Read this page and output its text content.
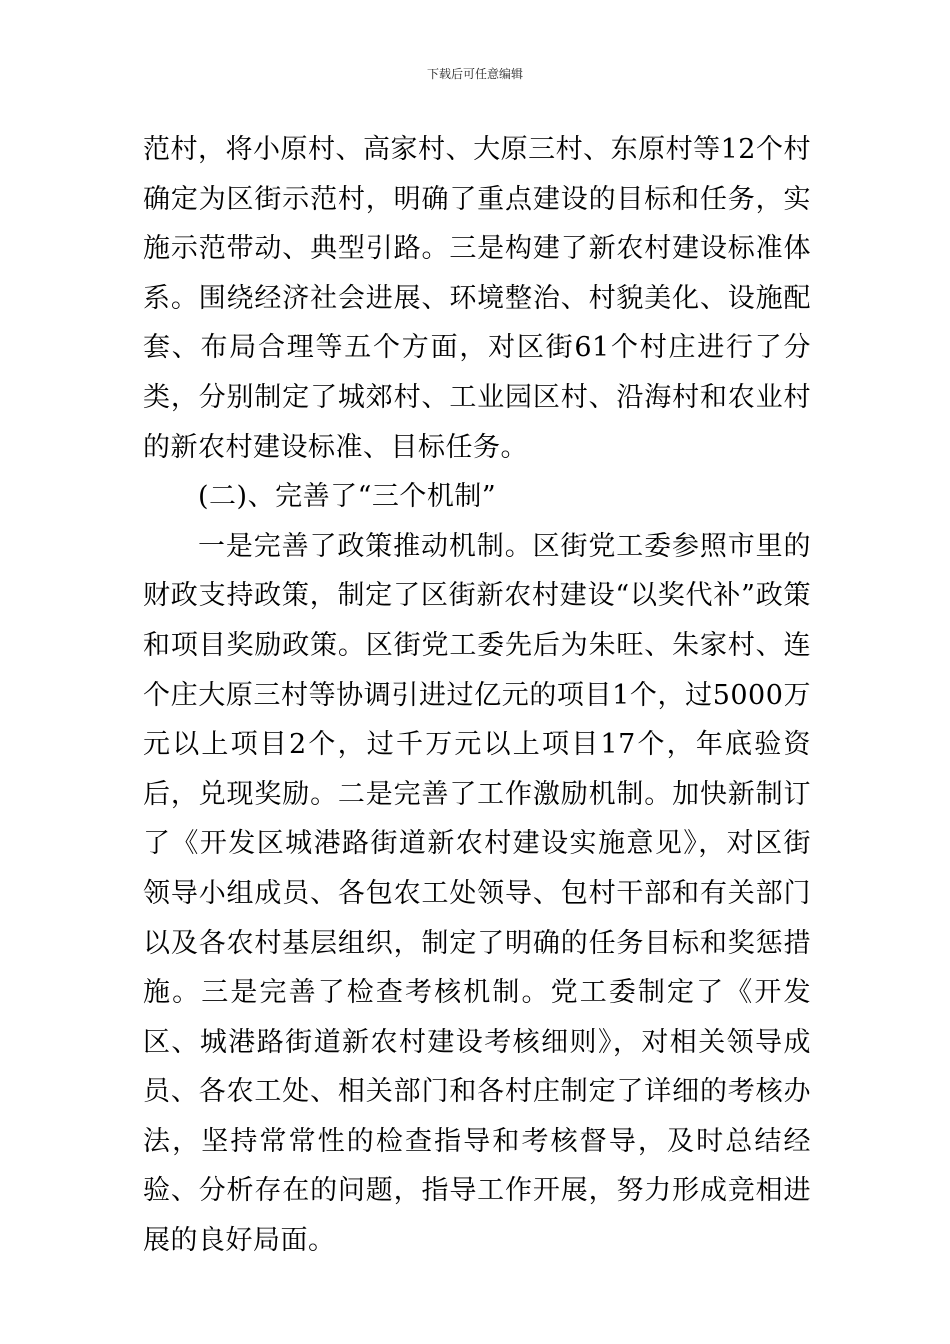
下载后可任意编辑

范村，将小原村、高家村、大原三村、东原村等12个村确定为区街示范村，明确了重点建设的目标和任务，实施示范带动、典型引路。三是构建了新农村建设标准体系。围绕经济社会进展、环境整治、村貌美化、设施配套、布局合理等五个方面，对区街61个村庄进行了分类，分别制定了城郊村、工业园区村、沿海村和农业村的新农村建设标准、目标任务。

(二)、完善了“三个机制”

一是完善了政策推动机制。区街党工委参照市里的财政支持政策，制定了区街新农村建设“以奖代补”政策和项目奖励政策。区街党工委先后为朱旺、朱家村、连个庄大原三村等协调引进过亿元的项目1个，过5000万元以上项目2个，过千万元以上项目17个，年底验资后，兑现奖励。二是完善了工作激励机制。加快新制订了《开发区城港路街道新农村建设实施意见》，对区街领导小组成员、各包农工处领导、包村干部和有关部门以及各农村基层组织，制定了明确的任务目标和奖惩措施。三是完善了检查考核机制。党工委制定了《开发区、城港路街道新农村建设考核细则》，对相关领导成员、各农工处、相关部门和各村庄制定了详细的考核办法，坚持常常性的检查指导和考核督导，及时总结经验、分析存在的问题，指导工作开展，努力形成竞相进展的良好局面。
